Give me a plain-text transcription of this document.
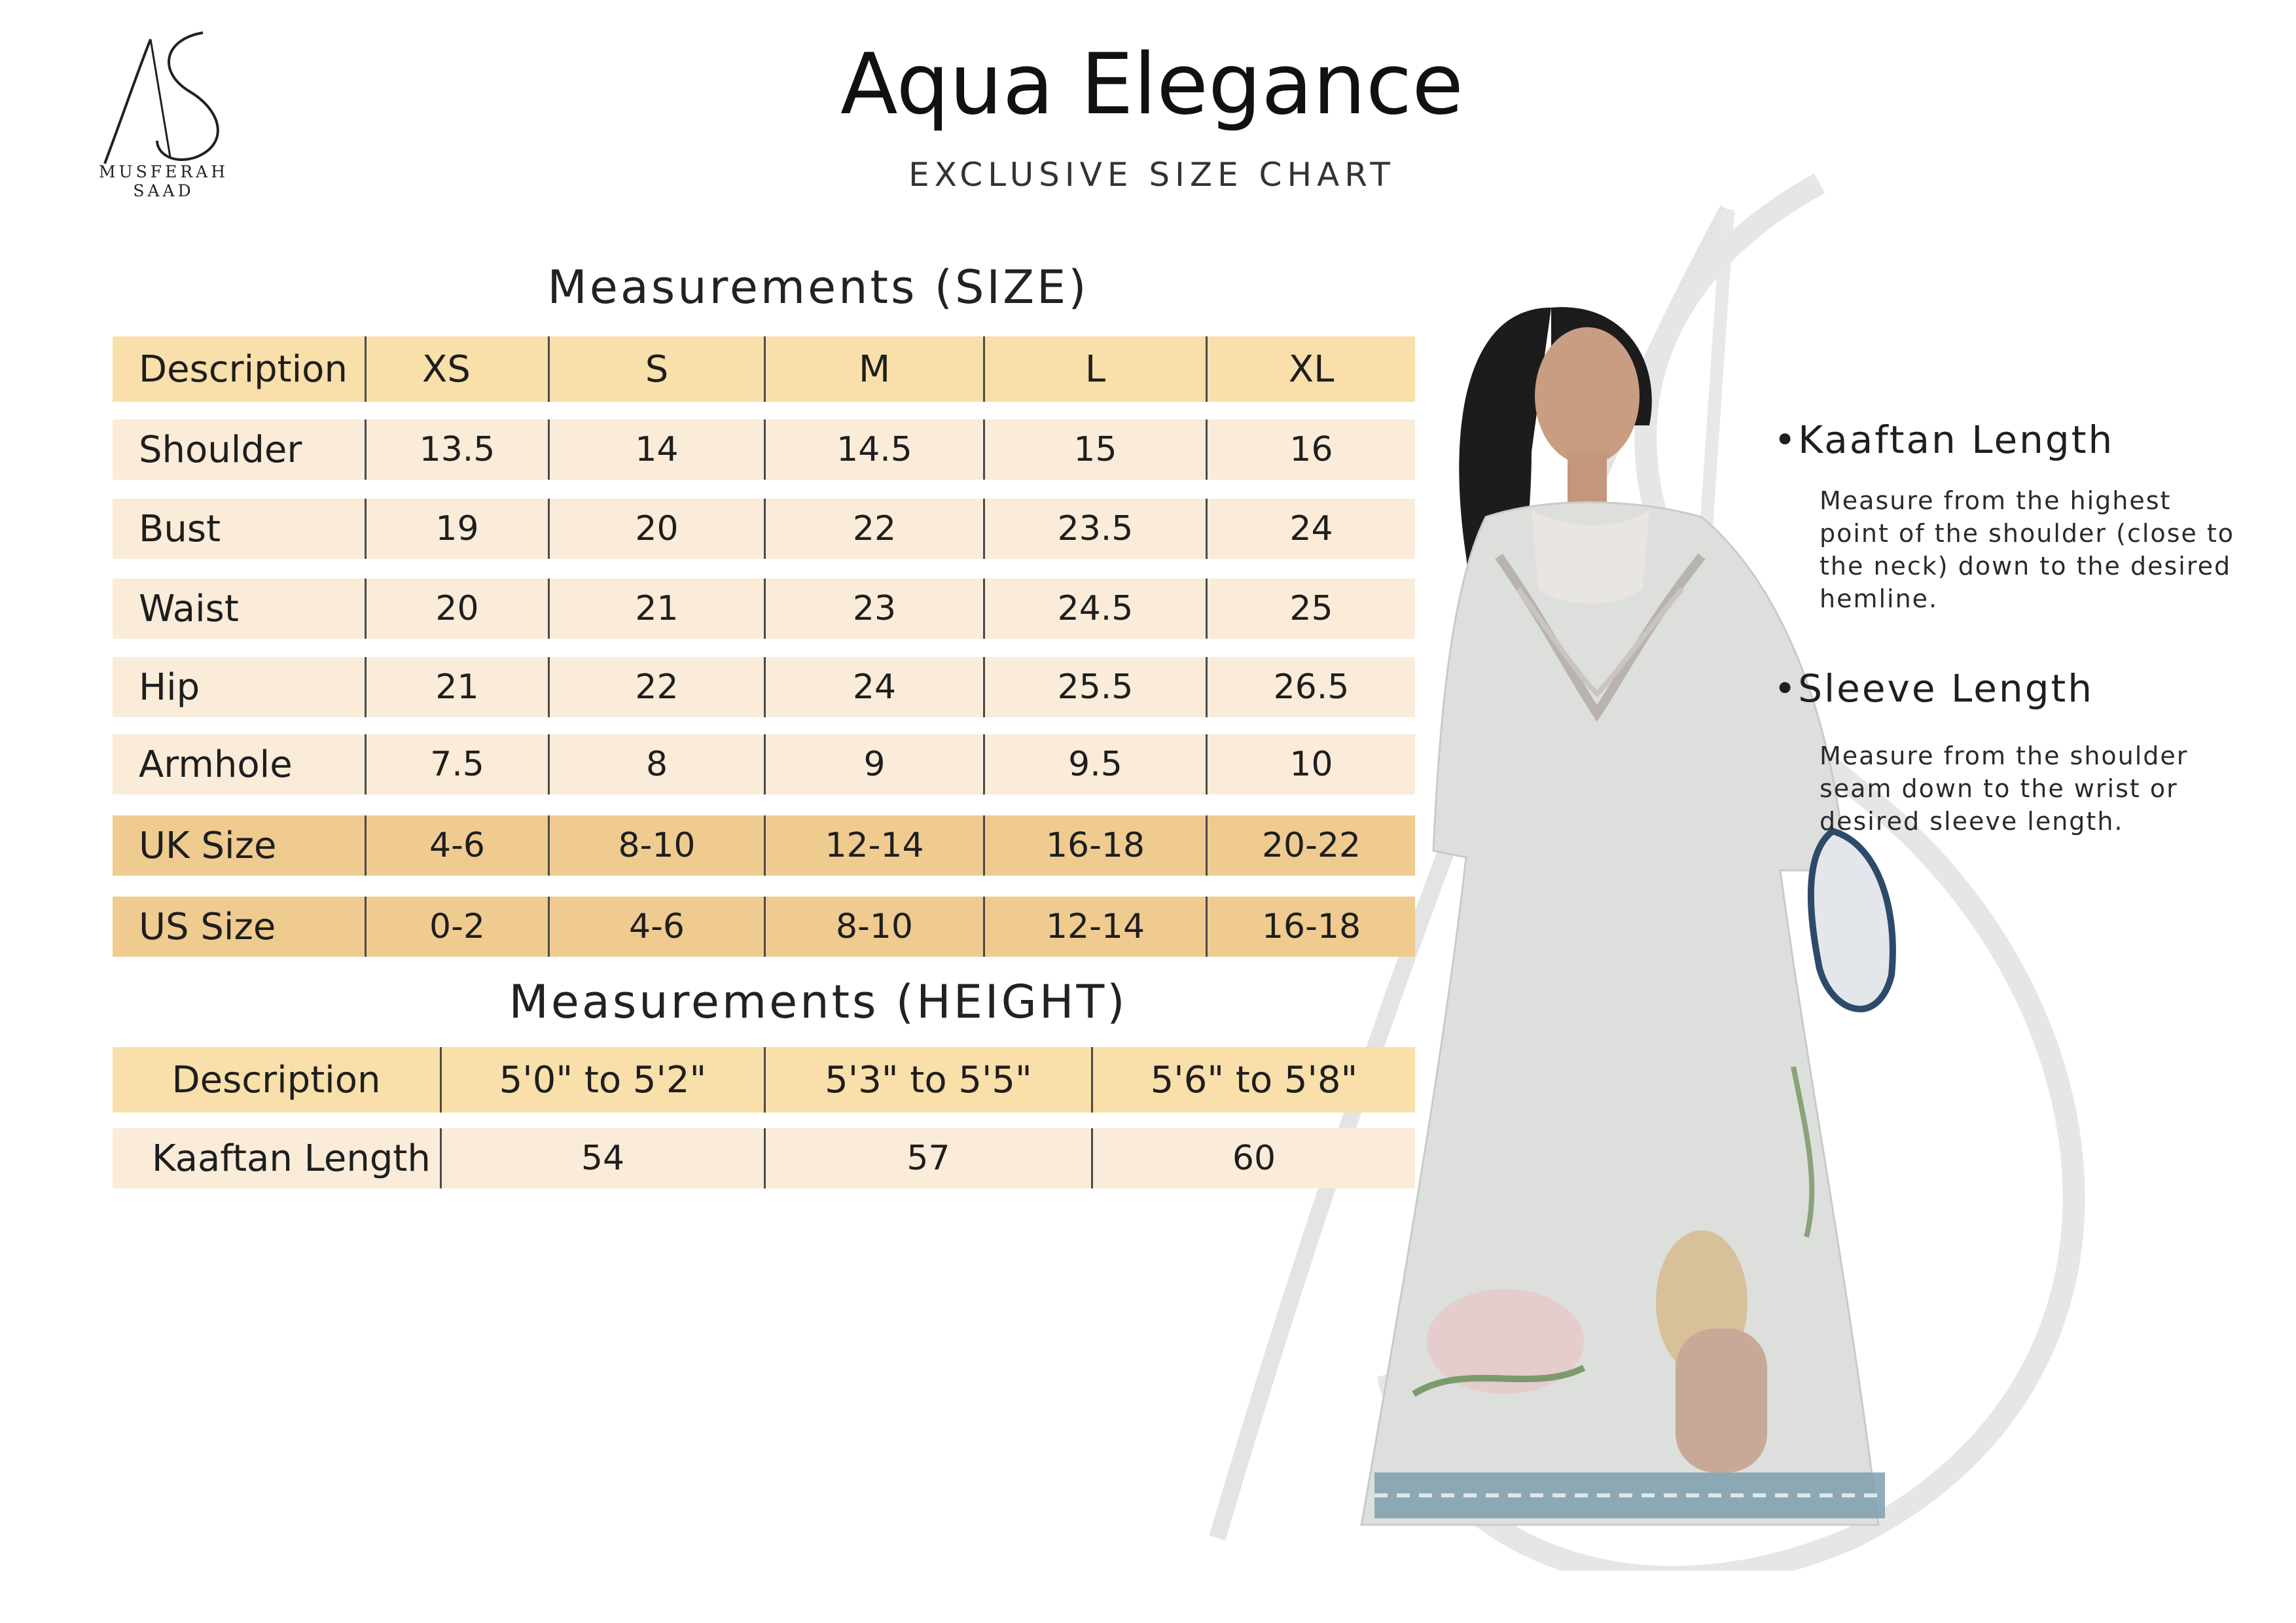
MUSFERAH SAAD
Aqua Elegance
EXCLUSIVE SIZE CHART
Measurements (SIZE)
Description	XS	S	M	L	XL
Shoulder	13.5	14	14.5	15	16
Bust	19	20	22	23.5	24
Waist	20	21	23	24.5	25
Hip	21	22	24	25.5	26.5
Armhole	7.5	8	9	9.5	10
UK Size	4-6	8-10	12-14	16-18	20-22
US Size	0-2	4-6	8-10	12-14	16-18
Measurements (HEIGHT)
Description	5'0" to 5'2"	5'3" to 5'5"	5'6" to 5'8"
Kaaftan Length	54	57	60
•Kaaftan Length
Measure from the highest point of the shoulder (close to the neck) down to the desired hemline.
•Sleeve Length
Measure from the shoulder seam down to the wrist or desired sleeve length.
